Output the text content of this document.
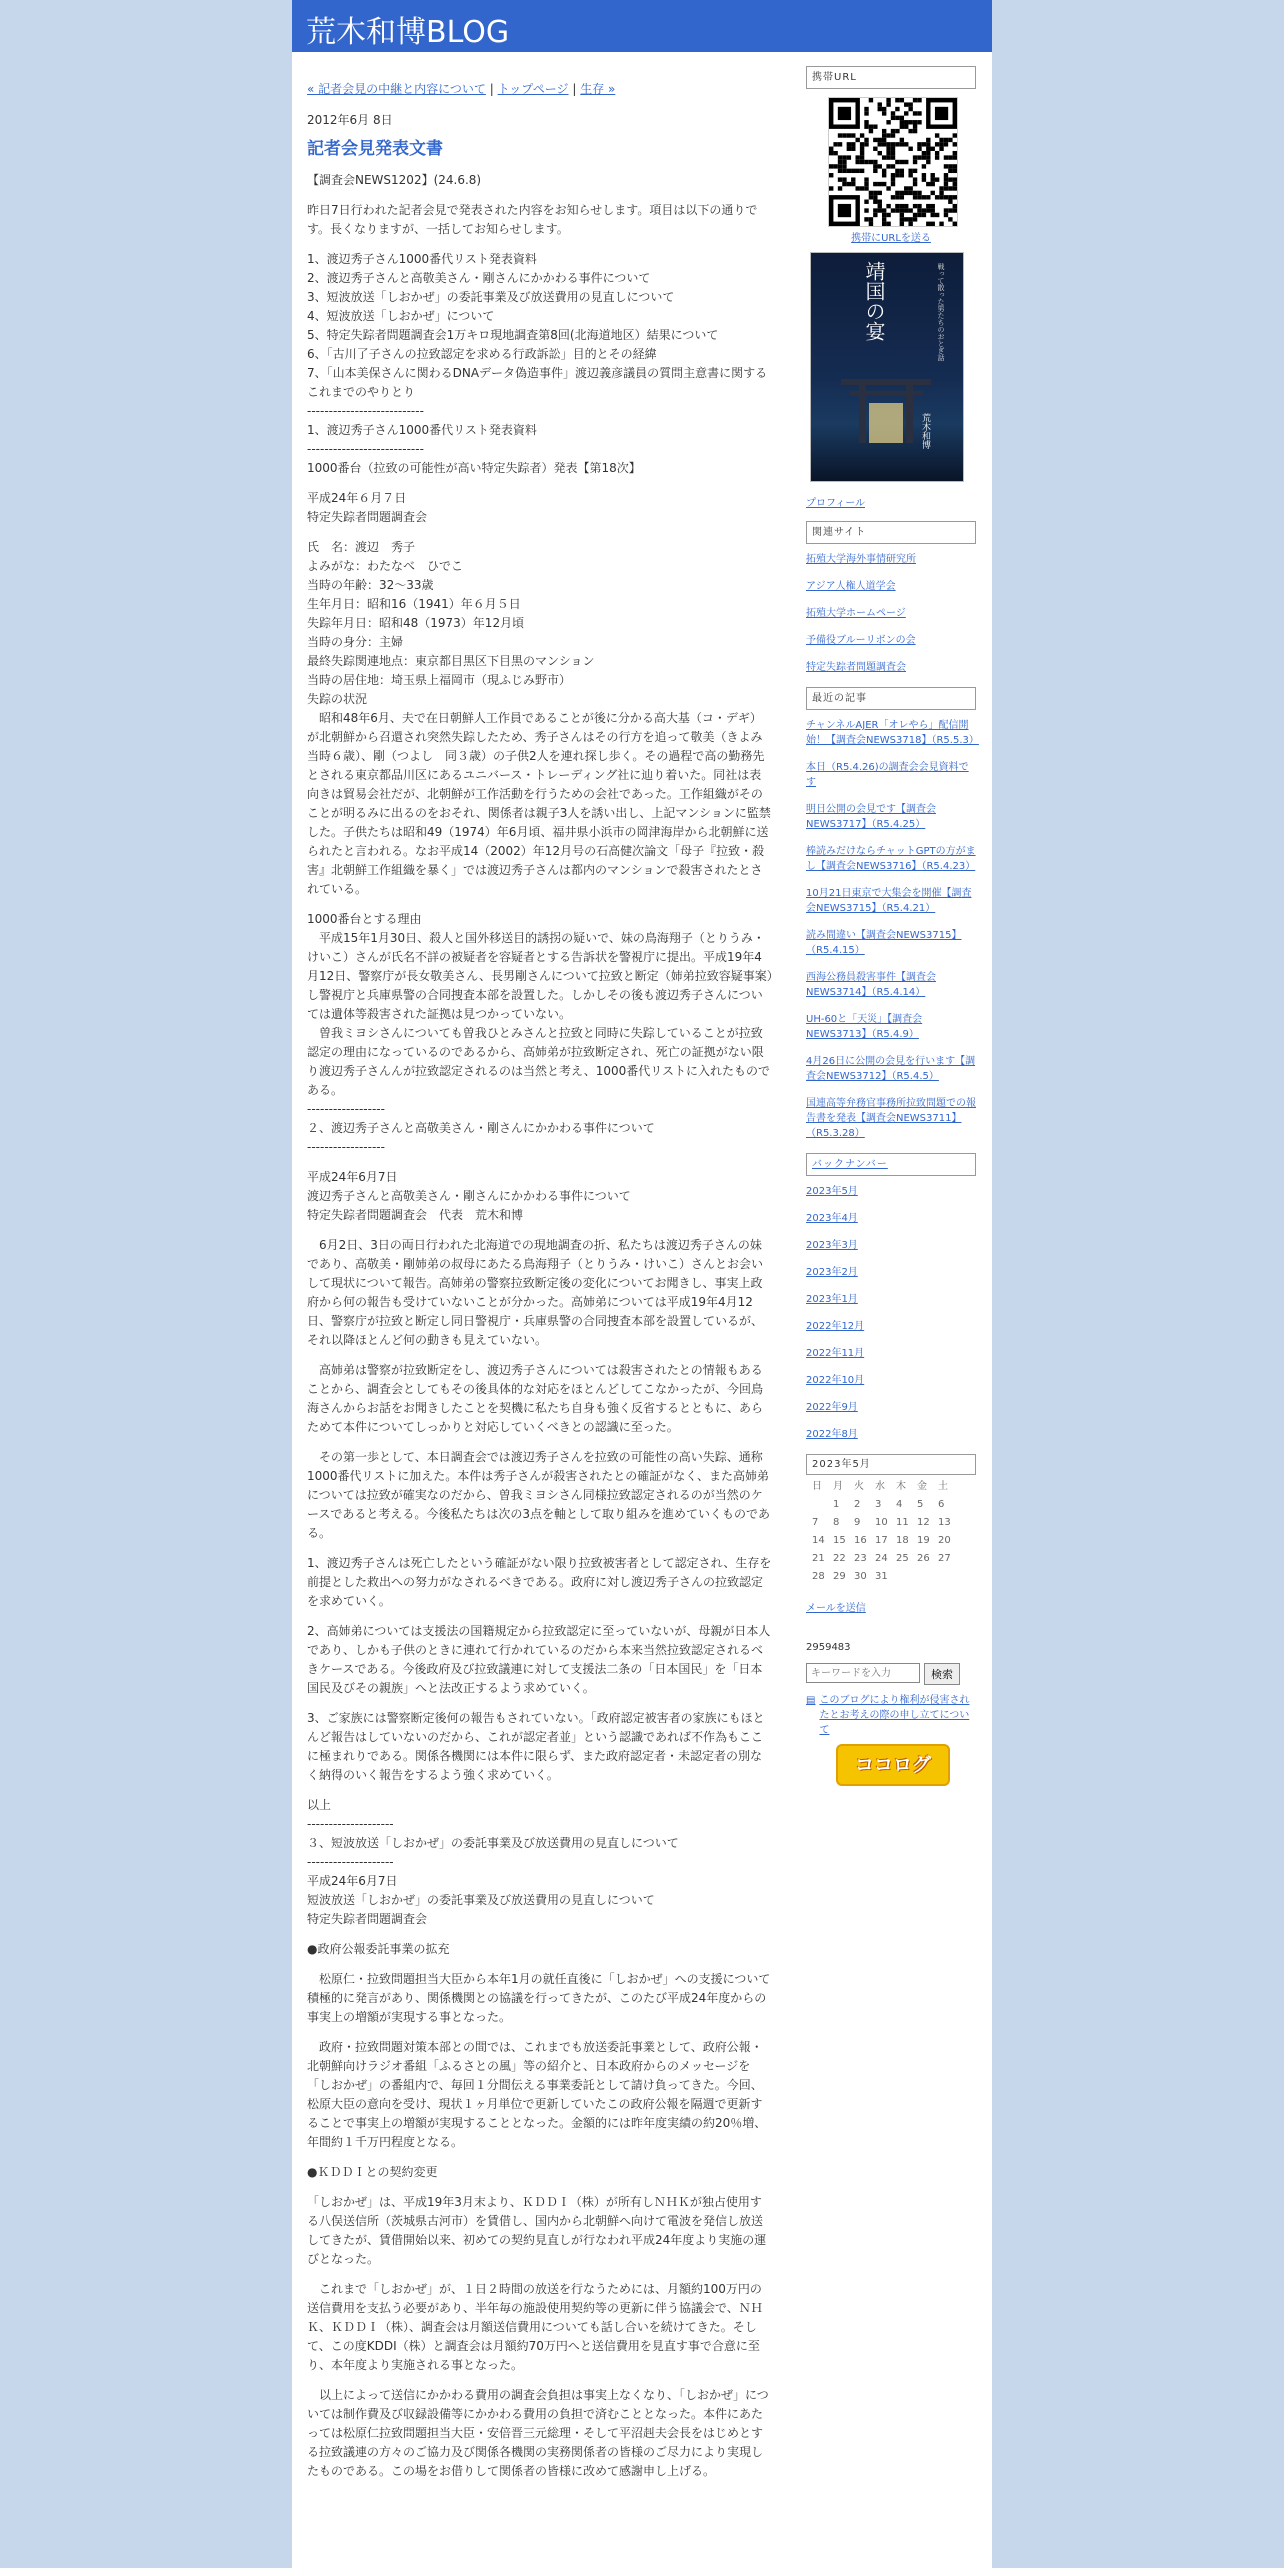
荒木和博BLOG
« 記者会見の中継と内容について | トップページ | 生存 »
2012年6月 8日
記者会見発表文書
【調査会NEWS1202】(24.6.8)
昨日7日行われた記者会見で発表された内容をお知らせします。項目は以下の通りです。長くなりますが、一括してお知らせします。
1、渡辺秀子さん1000番代リスト発表資料
2、渡辺秀子さんと高敬美さん・剛さんにかかわる事件について
3、短波放送「しおかぜ」の委託事業及び放送費用の見直しについて
4、短波放送「しおかぜ」について
5、特定失踪者問題調査会1万キロ現地調査第8回(北海道地区）結果について
6、「古川了子さんの拉致認定を求める行政訴訟」目的とその経緯
7、「山本美保さんに関わるDNAデータ偽造事件」渡辺義彦議員の質問主意書に関するこれまでのやりとり
---------------------------
1、渡辺秀子さん1000番代リスト発表資料
---------------------------
1000番台（拉致の可能性が高い特定失踪者）発表【第18次】
平成24年６月７日
特定失踪者問題調査会
氏　名：渡辺　秀子
よみがな：わたなべ　ひでこ
当時の年齢：32〜33歳
生年月日：昭和16（1941）年６月５日
失踪年月日：昭和48（1973）年12月頃
当時の身分：主婦
最終失踪関連地点：東京都目黒区下目黒のマンション
当時の居住地：埼玉県上福岡市（現ふじみ野市）
失踪の状況
　昭和48年6月、夫で在日朝鮮人工作員であることが後に分かる高大基（コ・デギ）が北朝鮮から召還され突然失踪したため、秀子さんはその行方を追って敬美（きよみ　当時６歳）、剛（つよし　同３歳）の子供2人を連れ探し歩く。その過程で高の勤務先とされる東京都品川区にあるユニバース・トレーディング社に辿り着いた。同社は表向きは貿易会社だが、北朝鮮が工作活動を行うための会社であった。工作組織がそのことが明るみに出るのをおそれ、関係者は親子3人を誘い出し、上記マンションに監禁した。子供たちは昭和49（1974）年6月頃、福井県小浜市の岡津海岸から北朝鮮に送られたと言われる。なお平成14（2002）年12月号の石高健次論文「母子『拉致・殺害』北朝鮮工作組織を暴く」では渡辺秀子さんは都内のマンションで殺害されたとされている。
1000番台とする理由
　平成15年1月30日、殺人と国外移送目的誘拐の疑いで、妹の鳥海翔子（とりうみ・けいこ）さんが氏名不詳の被疑者を容疑者とする告訴状を警視庁に提出。平成19年4月12日、警察庁が長女敬美さん、長男剛さんについて拉致と断定（姉弟拉致容疑事案）し警視庁と兵庫県警の合同捜査本部を設置した。しかしその後も渡辺秀子さんについては遺体等殺害された証拠は見つかっていない。
　曽我ミヨシさんについても曽我ひとみさんと拉致と同時に失踪していることが拉致認定の理由になっているのであるから、高姉弟が拉致断定され、死亡の証拠がない限り渡辺秀子さんんが拉致認定されるのは当然と考え、1000番代リストに入れたものである。
------------------
２、渡辺秀子さんと高敬美さん・剛さんにかかわる事件について
------------------
平成24年6月7日
渡辺秀子さんと高敬美さん・剛さんにかかわる事件について
特定失踪者問題調査会　代表　荒木和博
　6月2日、3日の両日行われた北海道での現地調査の折、私たちは渡辺秀子さんの妹であり、高敬美・剛姉弟の叔母にあたる鳥海翔子（とりうみ・けいこ）さんとお会いして現状について報告。高姉弟の警察拉致断定後の変化についてお聞きし、事実上政府から何の報告も受けていないことが分かった。高姉弟については平成19年4月12日、警察庁が拉致と断定し同日警視庁・兵庫県警の合同捜査本部を設置しているが、それ以降ほとんど何の動きも見えていない。
　高姉弟は警察が拉致断定をし、渡辺秀子さんについては殺害されたとの情報もあることから、調査会としてもその後具体的な対応をほとんどしてこなかったが、今回鳥海さんからお話をお聞きしたことを契機に私たち自身も強く反省するとともに、あらためて本件についてしっかりと対応していくべきとの認識に至った。
　その第一歩として、本日調査会では渡辺秀子さんを拉致の可能性の高い失踪、通称1000番代リストに加えた。本件は秀子さんが殺害されたとの確証がなく、また高姉弟については拉致が確実なのだから、曽我ミヨシさん同様拉致認定されるのが当然のケースであると考える。今後私たちは次の3点を軸として取り組みを進めていくものである。
1、渡辺秀子さんは死亡したという確証がない限り拉致被害者として認定され、生存を前提とした救出への努力がなされるべきである。政府に対し渡辺秀子さんの拉致認定を求めていく。
2、高姉弟については支援法の国籍規定から拉致認定に至っていないが、母親が日本人であり、しかも子供のときに連れて行かれているのだから本来当然拉致認定されるべきケースである。今後政府及び拉致議連に対して支援法二条の「日本国民」を「日本国民及びその親族」へと法改正するよう求めていく。
3、ご家族には警察断定後何の報告もされていない。「政府認定被害者の家族にもほとんど報告はしていないのだから、これが認定者並」という認識であれば不作為もここに極まれりである。関係各機関には本件に限らず、また政府認定者・未認定者の別なく納得のいく報告をするよう強く求めていく。
以上
--------------------
３、短波放送「しおかぜ」の委託事業及び放送費用の見直しについて
--------------------
平成24年6月7日
短波放送「しおかぜ」の委託事業及び放送費用の見直しについて
特定失踪者問題調査会
●政府公報委託事業の拡充
　松原仁・拉致問題担当大臣から本年1月の就任直後に「しおかぜ」への支援について積極的に発言があり、関係機関との協議を行ってきたが、このたび平成24年度からの事実上の増額が実現する事となった。
　政府・拉致問題対策本部との間では、これまでも放送委託事業として、政府公報・北朝鮮向けラジオ番組「ふるさとの風」等の紹介と、日本政府からのメッセージを「しおかぜ」の番組内で、毎回１分間伝える事業委託として請け負ってきた。今回、松原大臣の意向を受け、現状１ヶ月単位で更新していたこの政府公報を隔週で更新することで事実上の増額が実現することとなった。金額的には昨年度実績の約20％増、年間約１千万円程度となる。
●ＫＤＤＩとの契約変更
「しおかぜ」は、平成19年3月末より、ＫＤＤＩ（株）が所有しＮＨＫが独占使用する八俣送信所（茨城県古河市）を賃借し、国内から北朝鮮へ向けて電波を発信し放送してきたが、賃借開始以来、初めての契約見直しが行なわれ平成24年度より実施の運びとなった。
　これまで「しおかぜ」が、１日２時間の放送を行なうためには、月額約100万円の送信費用を支払う必要があり、半年毎の施設使用契約等の更新に伴う協議会で、ＮＨＫ、ＫＤＤＩ（株）、調査会は月額送信費用についても話し合いを続けてきた。そして、この度KDDI（株）と調査会は月額約70万円へと送信費用を見直す事で合意に至り、本年度より実施される事となった。
　以上によって送信にかかわる費用の調査会負担は事実上なくなり、「しおかぜ」については制作費及び収録設備等にかかわる費用の負担で済むこととなった。本件にあたっては松原仁拉致問題担当大臣・安倍晋三元総理・そして平沼赳夫会長をはじめとする拉致議連の方々のご協力及び関係各機関の実務関係者の皆様のご尽力により実現したものである。この場をお借りして関係者の皆様に改めて感謝申し上げる。
携帯URL
携帯にURLを送る
戦って散った男たちのおとぎ話
靖国の宴
荒木和博
プロフィール
関連サイト
拓殖大学海外事情研究所
アジア人権人道学会
拓殖大学ホームページ
予備役ブルーリボンの会
特定失踪者問題調査会
最近の記事
チャンネルAJER「オレやら」配信開始！【調査会NEWS3718】（R5.5.3）
本日（R5.4.26)の調査会会見資料です
明日公開の会見です【調査会NEWS3717】（R5.4.25）
棒読みだけならチャットGPTの方がまし【調査会NEWS3716】（R5.4.23）
10月21日東京で大集会を開催【調査会NEWS3715】（R5.4.21）
読み間違い【調査会NEWS3715】（R5.4.15）
西海公務員殺害事件【調査会NEWS3714】（R5.4.14）
UH-60と「天災」【調査会NEWS3713】（R5.4.9）
4月26日に公開の会見を行います【調査会NEWS3712】（R5.4.5）
国連高等弁務官事務所拉致問題での報告書を発表【調査会NEWS3711】（R5.3.28）
バックナンバー
2023年5月
2023年4月
2023年3月
2023年2月
2023年1月
2022年12月
2022年11月
2022年10月
2022年9月
2022年8月
2023年5月
日	月	火	水	木	金	土
	1	2	3	4	5	6
7	8	9	10	11	12	13
14	15	16	17	18	19	20
21	22	23	24	25	26	27
28	29	30	31			
メールを送信
2959483
キーワードを入力
検索
▤ このブログにより権利が侵害されたとお考えの際の申し立てについて
ココログ
